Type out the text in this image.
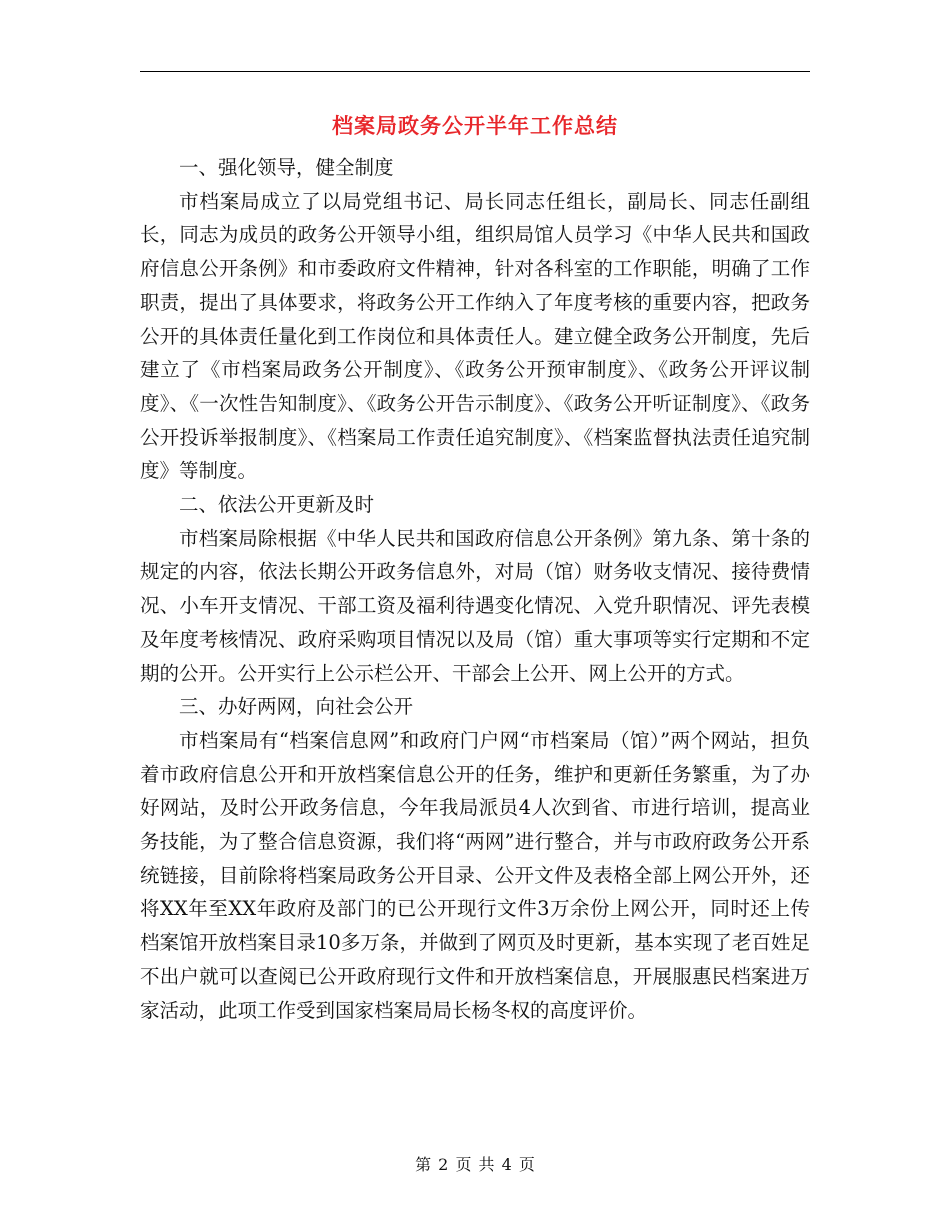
档案局政务公开半年工作总结

一、强化领导，健全制度

市档案局成立了以局党组书记、局长同志任组长，副局长、同志任副组长，同志为成员的政务公开领导小组，组织局馆人员学习《中华人民共和国政府信息公开条例》和市委政府文件精神，针对各科室的工作职能，明确了工作职责，提出了具体要求，将政务公开工作纳入了年度考核的重要内容，把政务公开的具体责任量化到工作岗位和具体责任人。建立健全政务公开制度，先后建立了《市档案局政务公开制度》、《政务公开预审制度》、《政务公开评议制度》、《一次性告知制度》、《政务公开告示制度》、《政务公开听证制度》、《政务公开投诉举报制度》、《档案局工作责任追究制度》、《档案监督执法责任追究制度》等制度。

二、依法公开更新及时

市档案局除根据《中华人民共和国政府信息公开条例》第九条、第十条的规定的内容，依法长期公开政务信息外，对局（馆）财务收支情况、接待费情况、小车开支情况、干部工资及福利待遇变化情况、入党升职情况、评先表模及年度考核情况、政府采购项目情况以及局（馆）重大事项等实行定期和不定期的公开。公开实行上公示栏公开、干部会上公开、网上公开的方式。

三、办好两网，向社会公开

市档案局有“档案信息网”和政府门户网“市档案局（馆）”两个网站，担负着市政府信息公开和开放档案信息公开的任务，维护和更新任务繁重，为了办好网站，及时公开政务信息，今年我局派员4人次到省、市进行培训，提高业务技能，为了整合信息资源，我们将“两网”进行整合，并与市政府政务公开系统链接，目前除将档案局政务公开目录、公开文件及表格全部上网公开外，还将XX年至XX年政府及部门的已公开现行文件3万余份上网公开，同时还上传档案馆开放档案目录10多万条，并做到了网页及时更新，基本实现了老百姓足不出户就可以查阅已公开政府现行文件和开放档案信息，开展服惠民档案进万家活动，此项工作受到国家档案局局长杨冬权的高度评价。

第 2 页 共 4 页
